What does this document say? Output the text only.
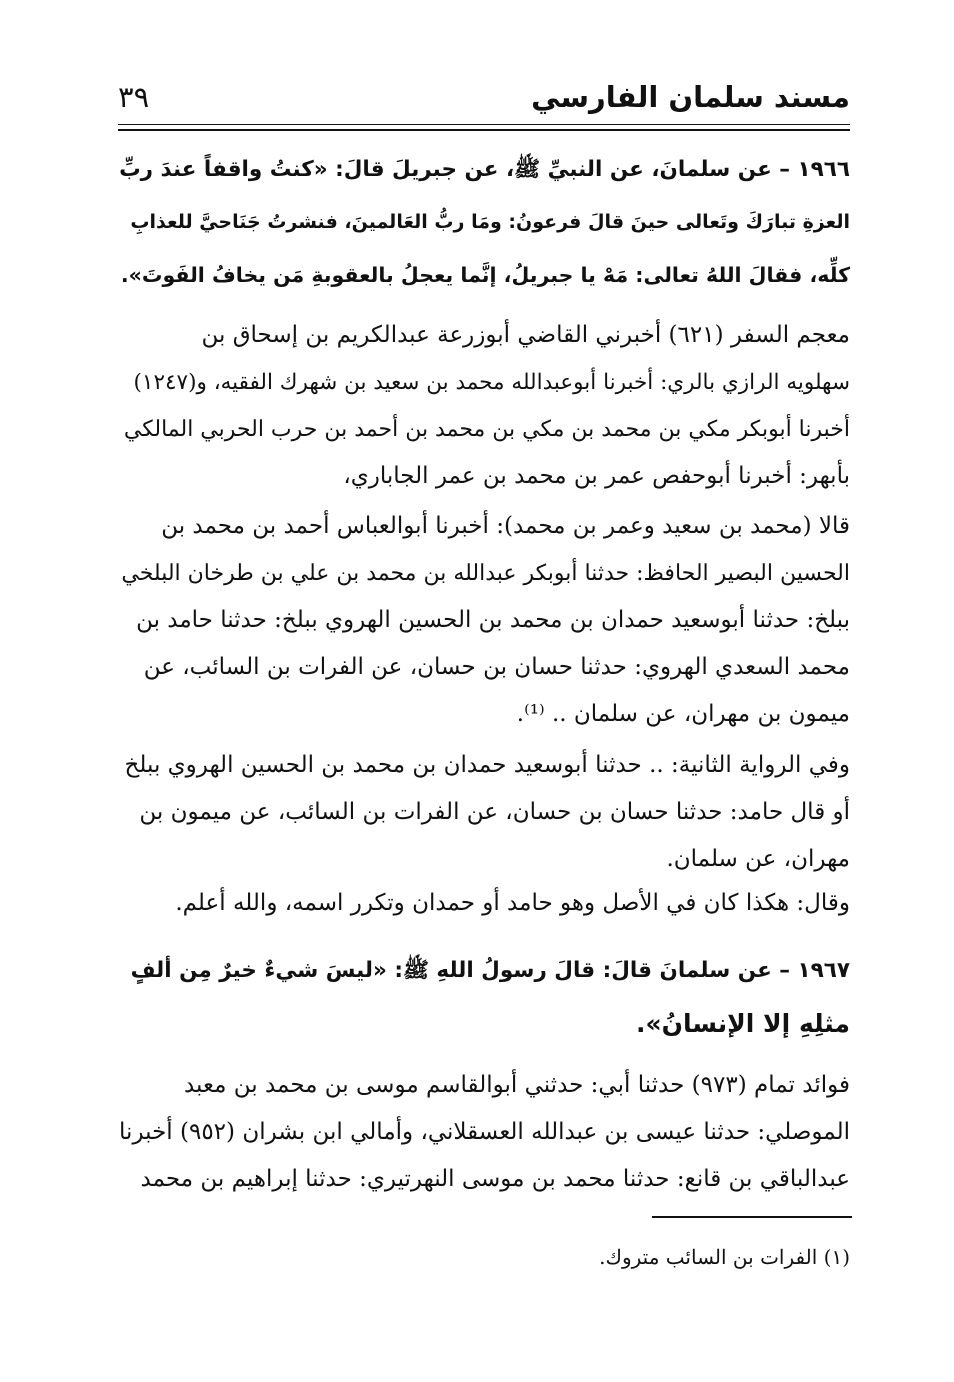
مسند سلمان الفارسي
٣٩
١٩٦٦ – عن سلمانَ، عن النبيِّ ﷺ، عن جبريلَ قالَ: «كنتُ واقفاً عندَ ربِّ
العزةِ تبارَكَ وتَعالى حينَ قالَ فرعونُ: ومَا ربُّ العَالمينَ، فنشرتُ جَنَاحيَّ للعذابِ
كلِّه، فقالَ اللهُ تعالى: مَهْ يا جبريلُ، إنَّما يعجلُ بالعقوبةِ مَن يخافُ الفَوتَ».
معجم السفر (٦٢١) أخبرني القاضي أبوزرعة عبدالكريم بن إسحاق بن
سهلويه الرازي بالري: أخبرنا أبوعبدالله محمد بن سعيد بن شهرك الفقيه، و(١٢٤٧)
أخبرنا أبوبكر مكي بن محمد بن مكي بن محمد بن أحمد بن حرب الحربي المالكي
بأبهر: أخبرنا أبوحفص عمر بن محمد بن عمر الجاباري،
قالا (محمد بن سعيد وعمر بن محمد): أخبرنا أبوالعباس أحمد بن محمد بن
الحسين البصير الحافظ: حدثنا أبوبكر عبدالله بن محمد بن علي بن طرخان البلخي
ببلخ: حدثنا أبوسعيد حمدان بن محمد بن الحسين الهروي ببلخ: حدثنا حامد بن
محمد السعدي الهروي: حدثنا حسان بن حسان، عن الفرات بن السائب، عن
ميمون بن مهران، عن سلمان .. ⁽¹⁾.
وفي الرواية الثانية: .. حدثنا أبوسعيد حمدان بن محمد بن الحسين الهروي ببلخ
أو قال حامد: حدثنا حسان بن حسان، عن الفرات بن السائب، عن ميمون بن
مهران، عن سلمان.
وقال: هكذا كان في الأصل وهو حامد أو حمدان وتكرر اسمه، والله أعلم.
١٩٦٧ – عن سلمانَ قالَ: قالَ رسولُ اللهِ ﷺ: «ليسَ شيءٌ خيرٌ مِن ألفٍ
مثلِهِ إلا الإنسانُ».
فوائد تمام (٩٧٣) حدثنا أبي: حدثني أبوالقاسم موسى بن محمد بن معبد
الموصلي: حدثنا عيسى بن عبدالله العسقلاني، وأمالي ابن بشران (٩٥٢) أخبرنا
عبدالباقي بن قانع: حدثنا محمد بن موسى النهرتيري: حدثنا إبراهيم بن محمد
(١) الفرات بن السائب متروك.
